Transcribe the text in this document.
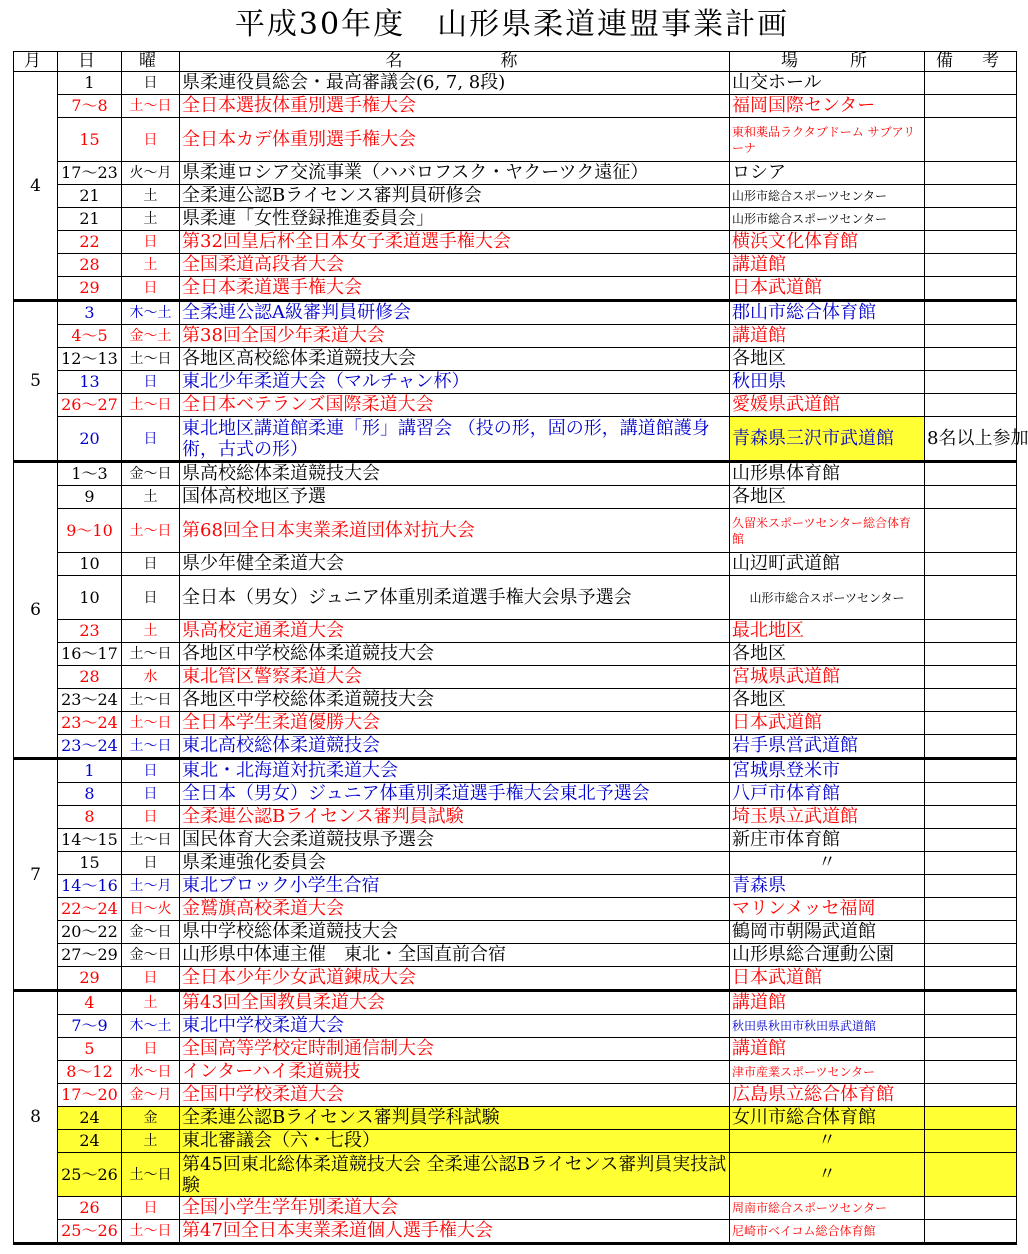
平成30年度　山形県柔道連盟事業計画
月	日	曜	名　　　　称	場　　所	備　考
4	1	日	県柔連役員総会・最高審議会(6, 7, 8段)	山交ホール	
	7〜8	土〜日	全日本選抜体重別選手権大会	福岡国際センター	
	15	日	全日本カデ体重別選手権大会	東和薬品ラクタブドーム サブアリーナ	
	17〜23	火〜月	県柔連ロシア交流事業（ハバロフスク・ヤクーツク遠征）	ロシア	
	21	土	全柔連公認Bライセンス審判員研修会	山形市総合スポーツセンター	
	21	土	県柔連「女性登録推進委員会」	山形市総合スポーツセンター	
	22	日	第32回皇后杯全日本女子柔道選手権大会	横浜文化体育館	
	28	土	全国柔道高段者大会	講道館	
	29	日	全日本柔道選手権大会	日本武道館	
5	3	木〜土	全柔連公認A級審判員研修会	郡山市総合体育館	
	4〜5	金〜土	第38回全国少年柔道大会	講道館	
	12〜13	土〜日	各地区高校総体柔道競技大会	各地区	
	13	日	東北少年柔道大会（マルチャン杯）	秋田県	
	26〜27	土〜日	全日本ベテランズ国際柔道大会	愛媛県武道館	
	20	日	東北地区講道館柔連「形」講習会 （投の形，固の形，講道館護身術，古式の形）	青森県三沢市武道館	8名以上参加
6	1〜3	金〜日	県高校総体柔道競技大会	山形県体育館	
	9	土	国体高校地区予選	各地区	
	9〜10	土〜日	第68回全日本実業柔道団体対抗大会	久留米スポーツセンター総合体育館	
	10	日	県少年健全柔道大会	山辺町武道館	
	10	日	全日本（男女）ジュニア体重別柔道選手権大会県予選会	山形市総合スポーツセンター	
	23	土	県高校定通柔道大会	最北地区	
	16〜17	土〜日	各地区中学校総体柔道競技大会	各地区	
	28	水	東北管区警察柔道大会	宮城県武道館	
	23〜24	土〜日	各地区中学校総体柔道競技大会	各地区	
	23〜24	土〜日	全日本学生柔道優勝大会	日本武道館	
	23〜24	土〜日	東北高校総体柔道競技会	岩手県営武道館	
7	1	日	東北・北海道対抗柔道大会	宮城県登米市	
	8	日	全日本（男女）ジュニア体重別柔道選手権大会東北予選会	八戸市体育館	
	8	日	全柔連公認Bライセンス審判員試験	埼玉県立武道館	
	14〜15	土〜日	国民体育大会柔道競技県予選会	新庄市体育館	
	15	日	県柔連強化委員会	〃	
	14〜16	土〜月	東北ブロック小学生合宿	青森県	
	22〜24	日〜火	金鷲旗高校柔道大会	マリンメッセ福岡	
	20〜22	金〜日	県中学校総体柔道競技大会	鶴岡市朝陽武道館	
	27〜29	金〜日	山形県中体連主催　東北・全国直前合宿	山形県総合運動公園	
	29	日	全日本少年少女武道錬成大会	日本武道館	
8	4	土	第43回全国教員柔道大会	講道館	
	7〜9	木〜土	東北中学校柔道大会	秋田県秋田市秋田県武道館	
	5	日	全国高等学校定時制通信制大会	講道館	
	8〜12	水〜日	インターハイ柔道競技	津市産業スポーツセンター	
	17〜20	金〜月	全国中学校柔道大会	広島県立総合体育館	
	24	金	全柔連公認Bライセンス審判員学科試験	女川市総合体育館	
	24	土	東北審議会（六・七段）	〃	
	25〜26	土〜日	第45回東北総体柔道競技大会 全柔連公認Bライセンス審判員実技試験	〃	
	26	日	全国小学生学年別柔道大会	周南市総合スポーツセンター	
	25〜26	土〜日	第47回全日本実業柔道個人選手権大会	尼崎市ベイコム総合体育館	
